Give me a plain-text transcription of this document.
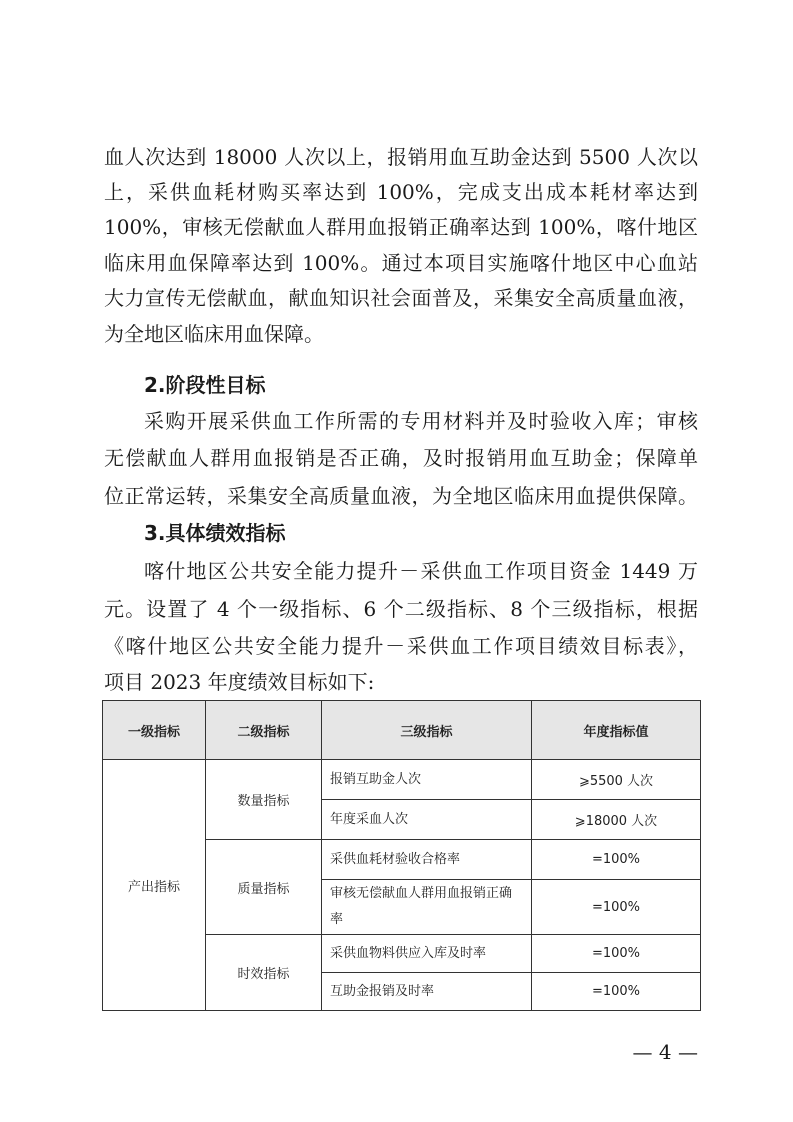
血人次达到 18000 人次以上，报销用血互助金达到 5500 人次以
上，采供血耗材购买率达到 100%，完成支出成本耗材率达到
100%，审核无偿献血人群用血报销正确率达到 100%，喀什地区
临床用血保障率达到 100%。通过本项目实施喀什地区中心血站
大力宣传无偿献血，献血知识社会面普及，采集安全高质量血液，
为全地区临床用血保障。
2.阶段性目标
采购开展采供血工作所需的专用材料并及时验收入库；审核
无偿献血人群用血报销是否正确，及时报销用血互助金；保障单
位正常运转，采集安全高质量血液，为全地区临床用血提供保障。
3.具体绩效指标
喀什地区公共安全能力提升－采供血工作项目资金 1449 万
元。设置了 4 个一级指标、6 个二级指标、8 个三级指标，根据
《喀什地区公共安全能力提升－采供血工作项目绩效目标表》，
项目 2023 年度绩效目标如下:
一级指标	二级指标	三级指标	年度指标值
产出指标	数量指标	报销互助金人次	⩾5500 人次
		年度采血人次	⩾18000 人次
	质量指标	采供血耗材验收合格率	=100%
		审核无偿献血人群用血报销正确率	=100%
	时效指标	采供血物料供应入库及时率	=100%
		互助金报销及时率	=100%
— 4 —
